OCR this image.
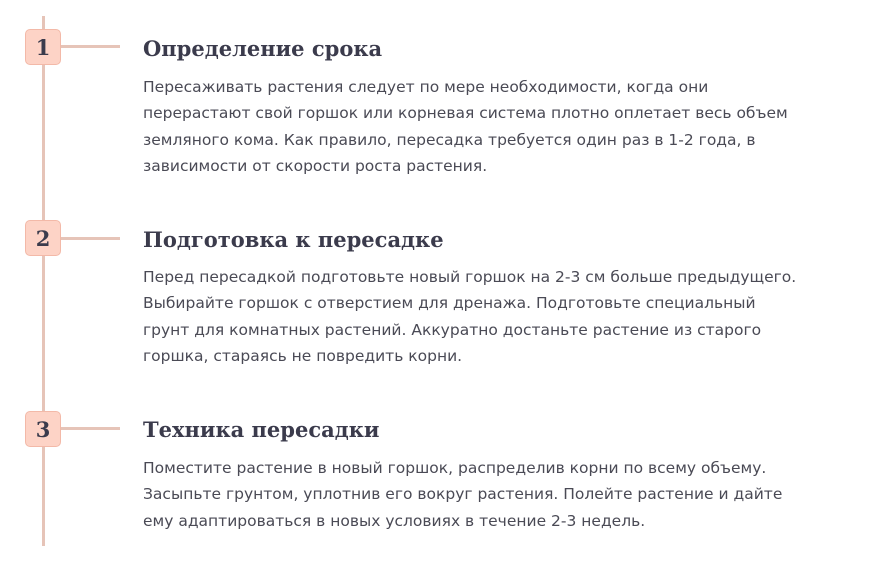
1	Определение срока

Пересаживать растения следует по мере необходимости, когда они перерастают свой горшок или корневая система плотно оплетает весь объем земляного кома. Как правило, пересадка требуется один раз в 1-2 года, в зависимости от скорости роста растения.

2	Подготовка к пересадке

Перед пересадкой подготовьте новый горшок на 2-3 см больше предыдущего. Выбирайте горшок с отверстием для дренажа. Подготовьте специальный грунт для комнатных растений. Аккуратно достаньте растение из старого горшка, стараясь не повредить корни.

3	Техника пересадки

Поместите растение в новый горшок, распределив корни по всему объему. Засыпьте грунтом, уплотнив его вокруг растения. Полейте растение и дайте ему адаптироваться в новых условиях в течение 2-3 недель.
